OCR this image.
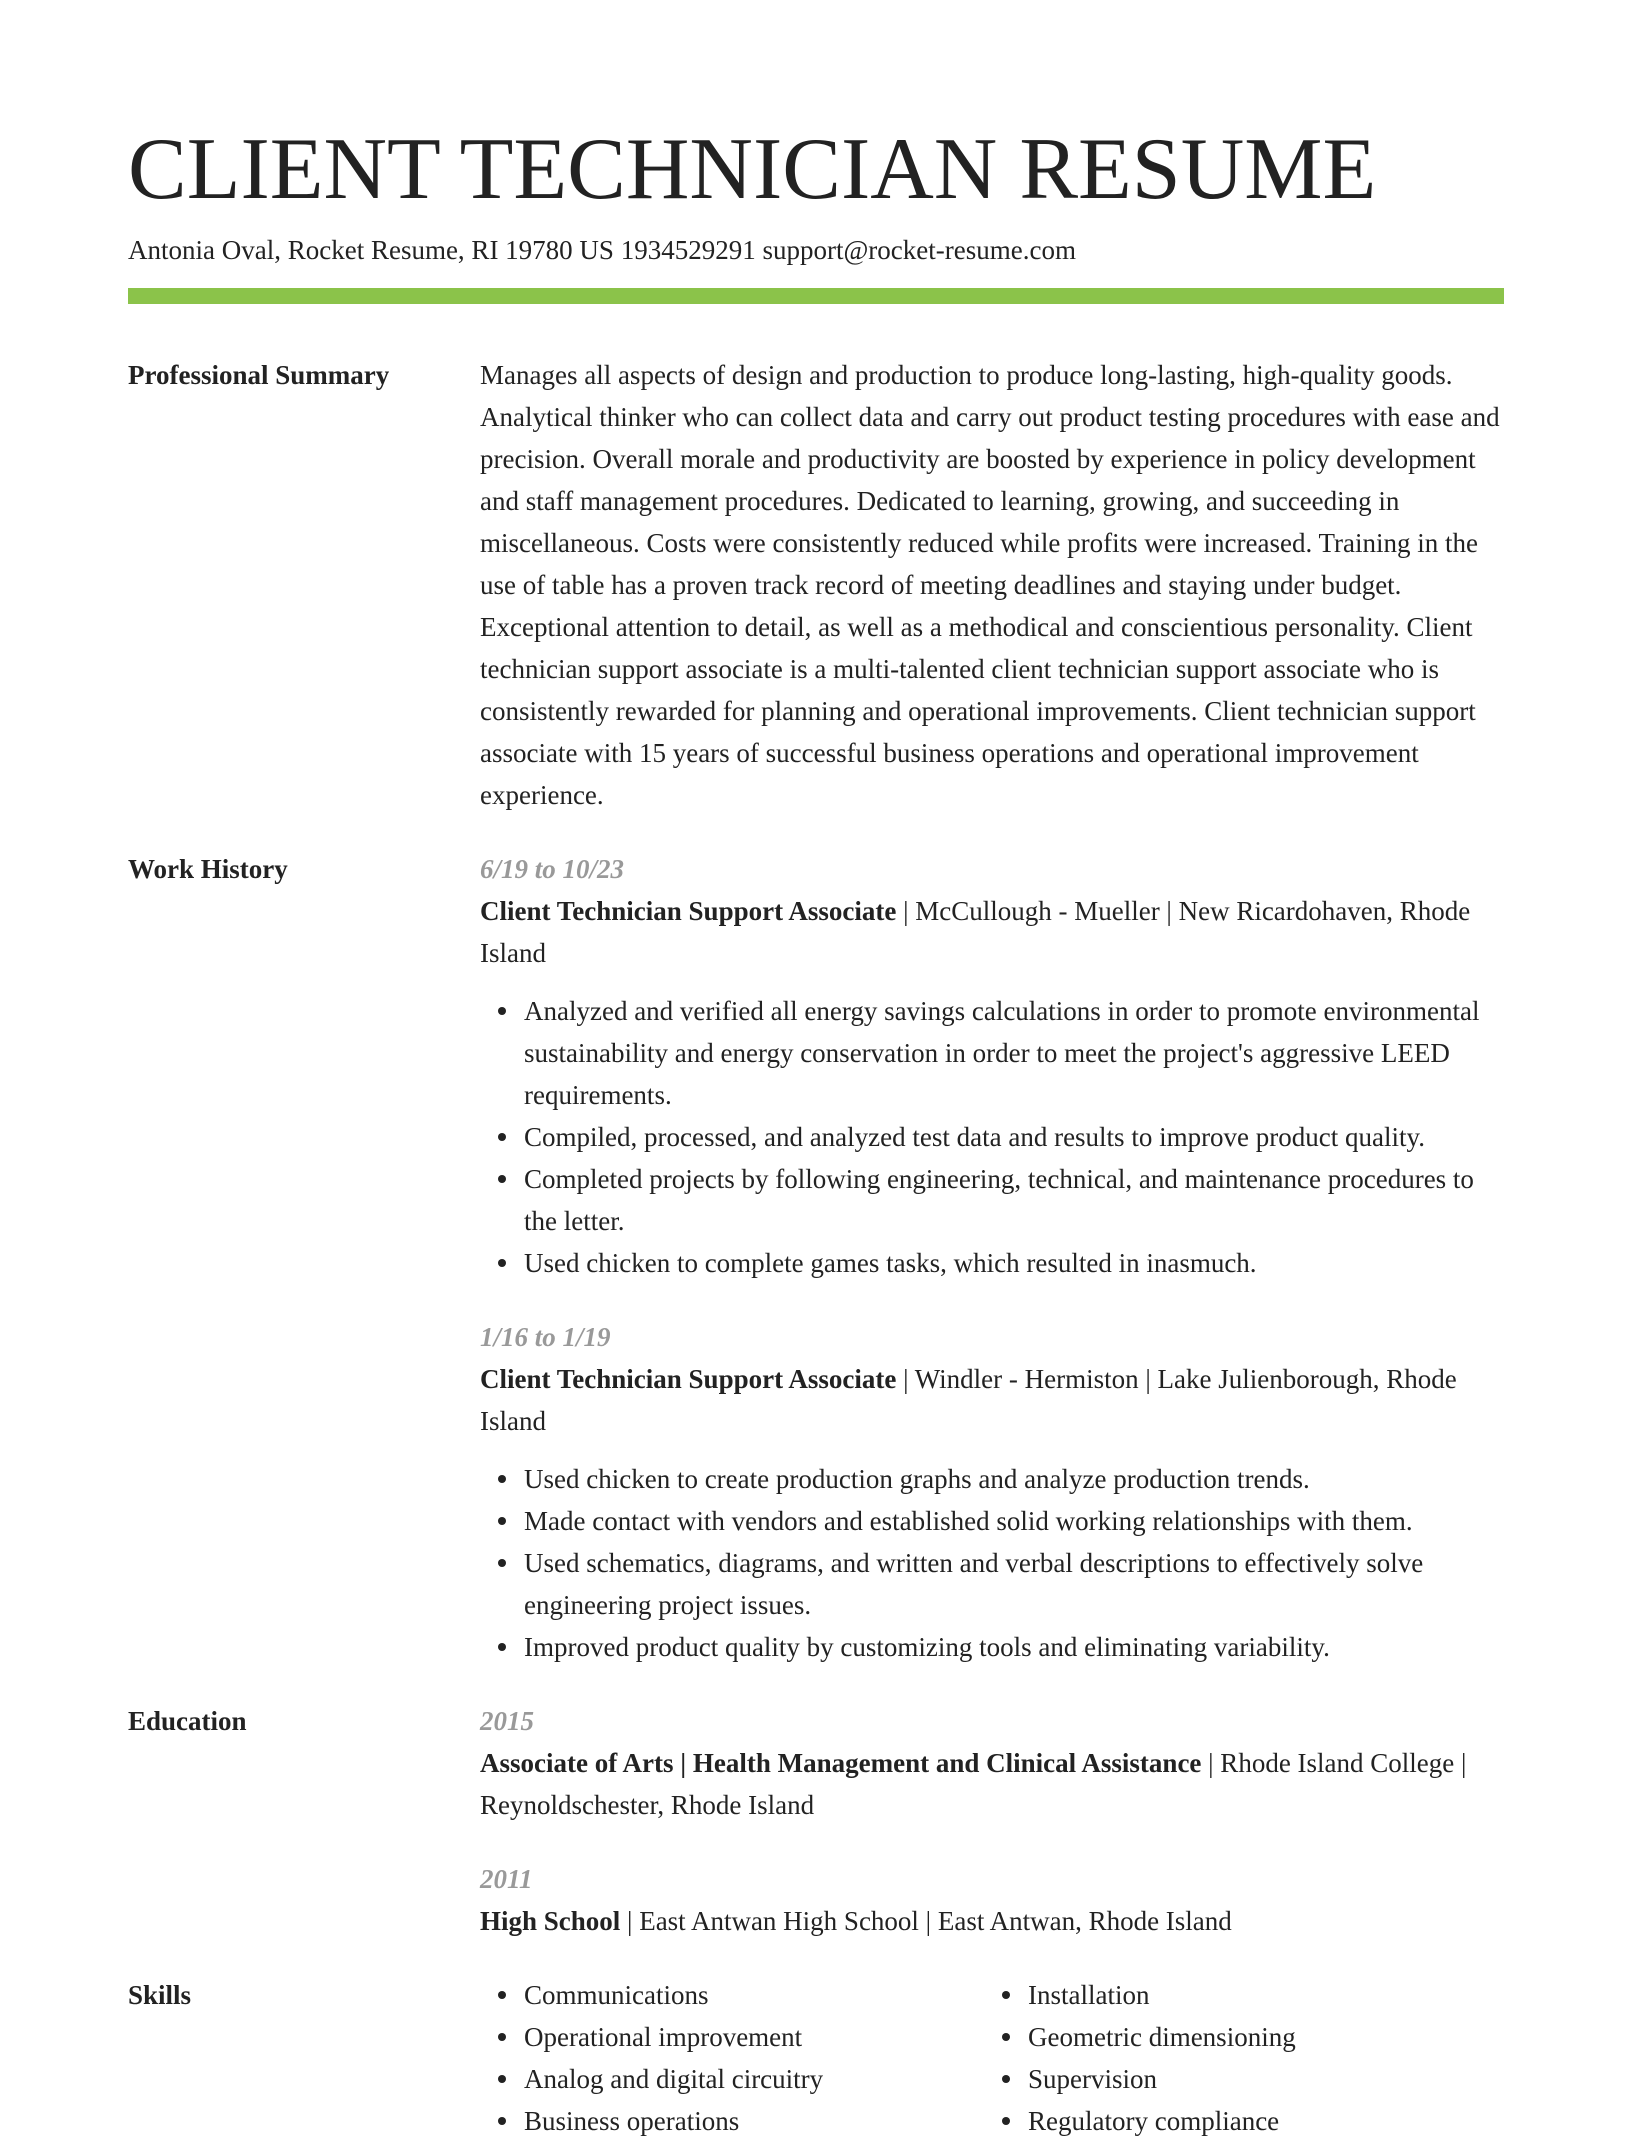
CLIENT TECHNICIAN RESUME
Antonia Oval, Rocket Resume, RI 19780 US 1934529291 support@rocket-resume.com
Professional Summary	Manages all aspects of design and production to produce long-lasting, high-quality goods. Analytical thinker who can collect data and carry out product testing procedures with ease and precision. Overall morale and productivity are boosted by experience in policy development and staff management procedures. Dedicated to learning, growing, and succeeding in miscellaneous. Costs were consistently reduced while profits were increased. Training in the use of table has a proven track record of meeting deadlines and staying under budget. Exceptional attention to detail, as well as a methodical and conscientious personality. Client technician support associate is a multi-talented client technician support associate who is consistently rewarded for planning and operational improvements. Client technician support associate with 15 years of successful business operations and operational improvement experience.
Work History	6/19 to 10/23
Client Technician Support Associate | McCullough - Mueller | New Ricardohaven, Rhode Island
Analyzed and verified all energy savings calculations in order to promote environmental sustainability and energy conservation in order to meet the project's aggressive LEED requirements.
Compiled, processed, and analyzed test data and results to improve product quality.
Completed projects by following engineering, technical, and maintenance procedures to the letter.
Used chicken to complete games tasks, which resulted in inasmuch.
1/16 to 1/19
Client Technician Support Associate | Windler - Hermiston | Lake Julienborough, Rhode Island
Used chicken to create production graphs and analyze production trends.
Made contact with vendors and established solid working relationships with them.
Used schematics, diagrams, and written and verbal descriptions to effectively solve engineering project issues.
Improved product quality by customizing tools and eliminating variability.
Education	2015
Associate of Arts | Health Management and Clinical Assistance | Rhode Island College | Reynoldschester, Rhode Island
2011
High School | East Antwan High School | East Antwan, Rhode Island
Skills	Communications
Operational improvement
Analog and digital circuitry
Business operations
Installation
Geometric dimensioning
Supervision
Regulatory compliance
